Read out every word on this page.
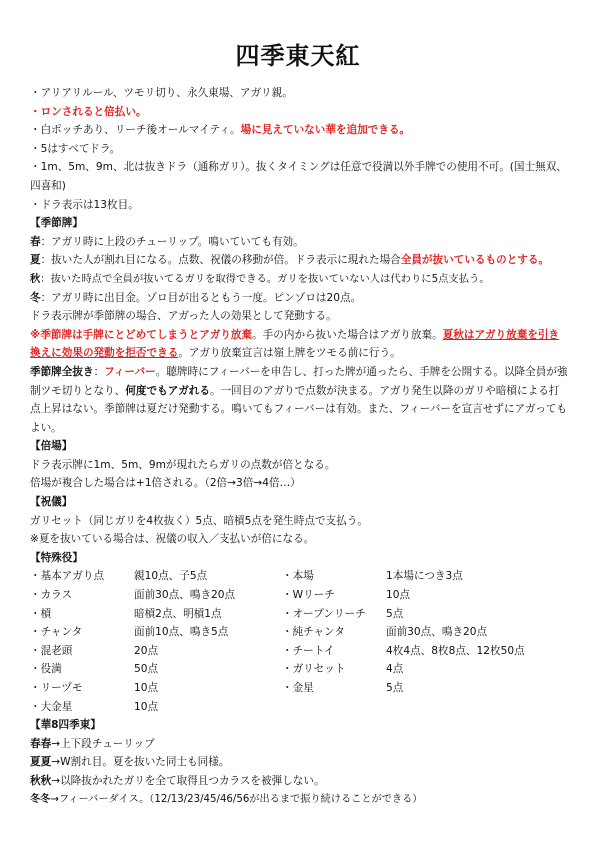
四季東天紅
・アリアリルール、ツモリ切り、永久東場、アガリ親。
・ロンされると倍払い。
・白ポッチあり、リーチ後オールマイティ。場に見えていない華を追加できる。
・5はすべてドラ。
・1m、5m、9m、北は抜きドラ（通称ガリ）。抜くタイミングは任意で役満以外手牌での使用不可。(国士無双、四喜和)
・ドラ表示は13枚目。
【季節牌】
春：アガリ時に上段のチューリップ。鳴いていても有効。
夏：抜いた人が割れ目になる。点数、祝儀の移動が倍。ドラ表示に現れた場合全員が抜いているものとする。
秋：抜いた時点で全員が抜いてるガリを取得できる。ガリを抜いていない人は代わりに5点支払う。
冬：アガリ時に出目金。ゾロ目が出るともう一度。ピンゾロは20点。
ドラ表示牌が季節牌の場合、アガった人の効果として発動する。
※季節牌は手牌にとどめてしまうとアガり放棄。手の内から抜いた場合はアガり放棄。夏秋はアガり放棄を引き換えに効果の発動を拒否できる。アガり放棄宣言は嶺上牌をツモる前に行う。
季節牌全抜き：フィーバー。聴牌時にフィーバーを申告し、打った牌が通ったら、手牌を公開する。以降全員が強制ツモ切りとなり、何度でもアガれる。一回目のアガりで点数が決まる。アガり発生以降のガリや暗槓による打点上昇はない。季節牌は夏だけ発動する。鳴いてもフィーバーは有効。また、フィーバーを宣言せずにアガってもよい。
【倍場】
ドラ表示牌に1m、5m、9mが現れたらガリの点数が倍となる。
倍場が複合した場合は+1倍される。（2倍→3倍→4倍…）
【祝儀】
ガリセット（同じガリを4枚抜く）5点、暗槓5点を発生時点で支払う。
※夏を抜いている場合は、祝儀の収入／支払いが倍になる。
【特殊役】
・基本アガり点	親10点、子5点	・本場	1本場につき3点
・カラス	面前30点、鳴き20点	・Wリーチ	10点
・槓	暗槓2点、明槓1点	・オープンリーチ	5点
・チャンタ	面前10点、鳴き5点	・純チャンタ	面前30点、鳴き20点
・混老頭	20点	・チートイ	4枚4点、8枚8点、12枚50点
・役満	50点	・ガリセット	4点
・リーヅモ	10点	・金星	5点
・大金星	10点
【華8四季東】
春春→上下段チューリップ
夏夏→W割れ目。夏を抜いた同士も同様。
秋秋→以降抜かれたガリを全て取得且つカラスを被弾しない。
冬冬→フィーバーダイス。（12/13/23/45/46/56が出るまで振り続けることができる）
